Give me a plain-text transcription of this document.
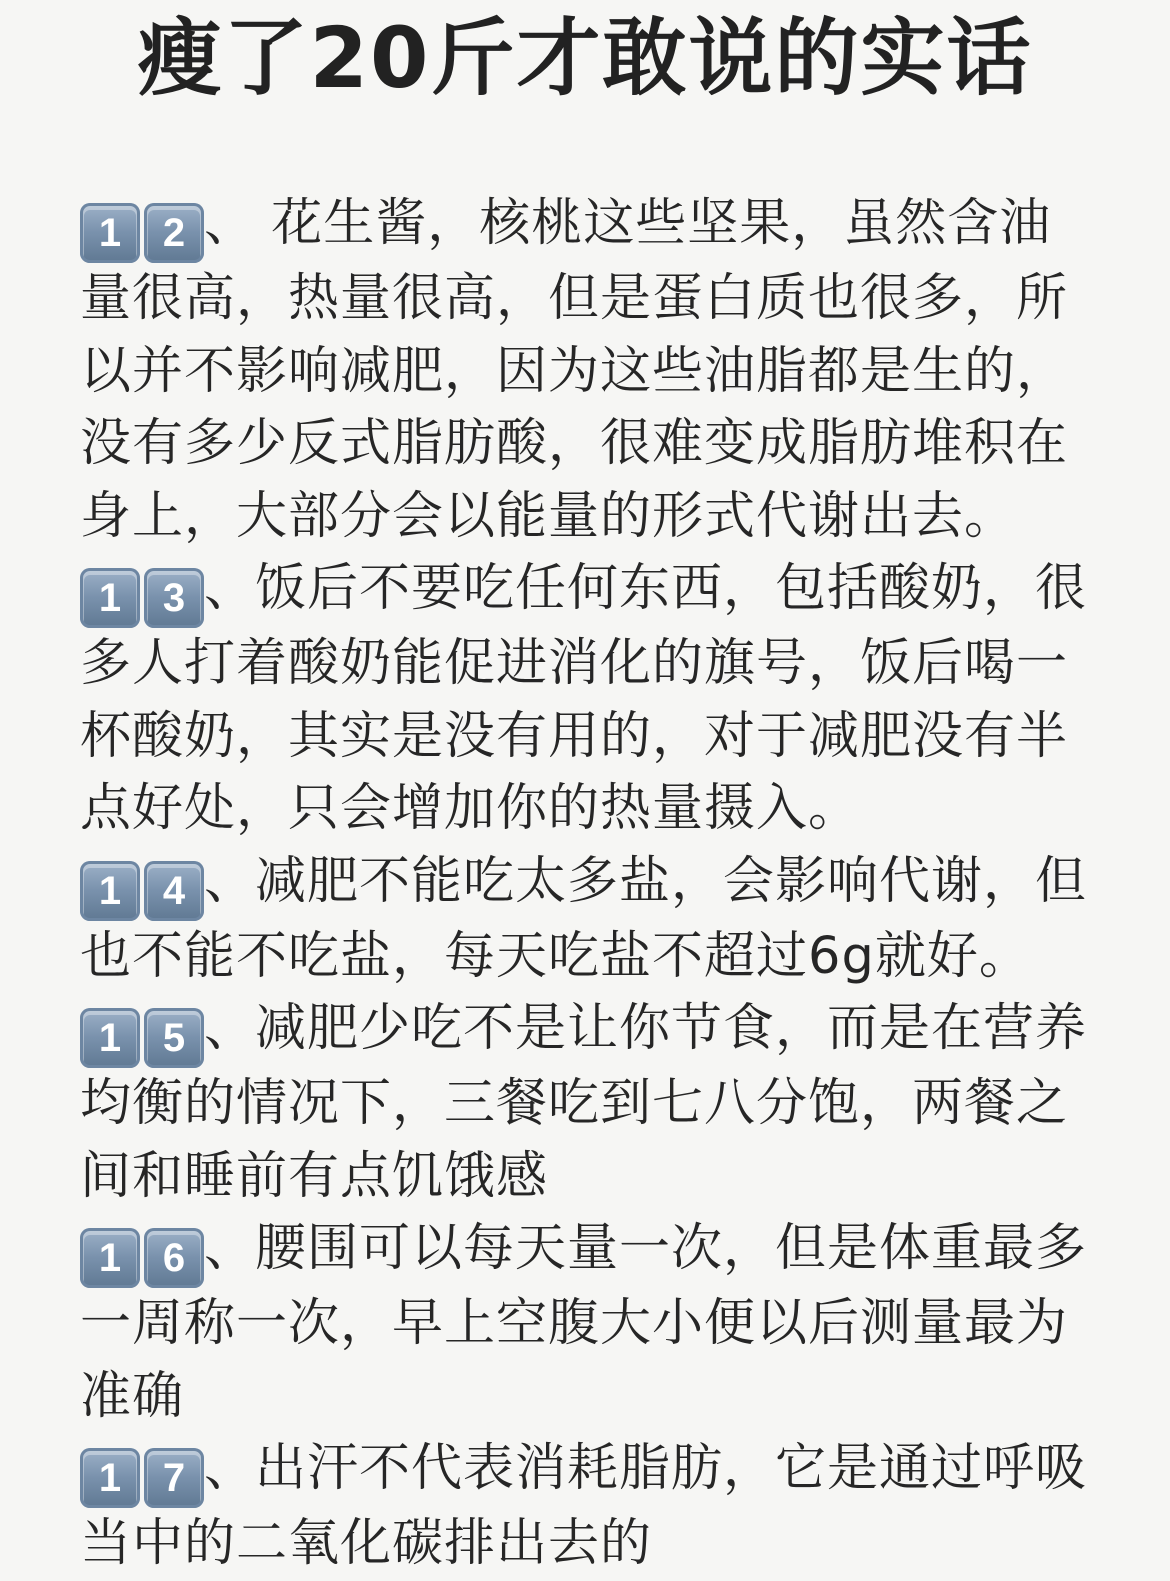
瘦了20斤才敢说的实话
1	2 、 花生酱，核桃这些坚果，虽然含油量很高，热量很高，但是蛋白质也很多，所以并不影响减肥，因为这些油脂都是生的，没有多少反式脂肪酸，很难变成脂肪堆积在身上，大部分会以能量的形式代谢出去。
1	3 、饭后不要吃任何东西，包括酸奶，很多人打着酸奶能促进消化的旗号，饭后喝一杯酸奶，其实是没有用的，对于减肥没有半点好处，只会增加你的热量摄入。
1	4 、减肥不能吃太多盐，会影响代谢，但也不能不吃盐，每天吃盐不超过6g就好。
1	5 、减肥少吃不是让你节食，而是在营养均衡的情况下，三餐吃到七八分饱，两餐之间和睡前有点饥饿感
1	6 、腰围可以每天量一次，但是体重最多一周称一次，早上空腹大小便以后测量最为准确
1	7 、出汗不代表消耗脂肪，它是通过呼吸当中的二氧化碳排出去的
